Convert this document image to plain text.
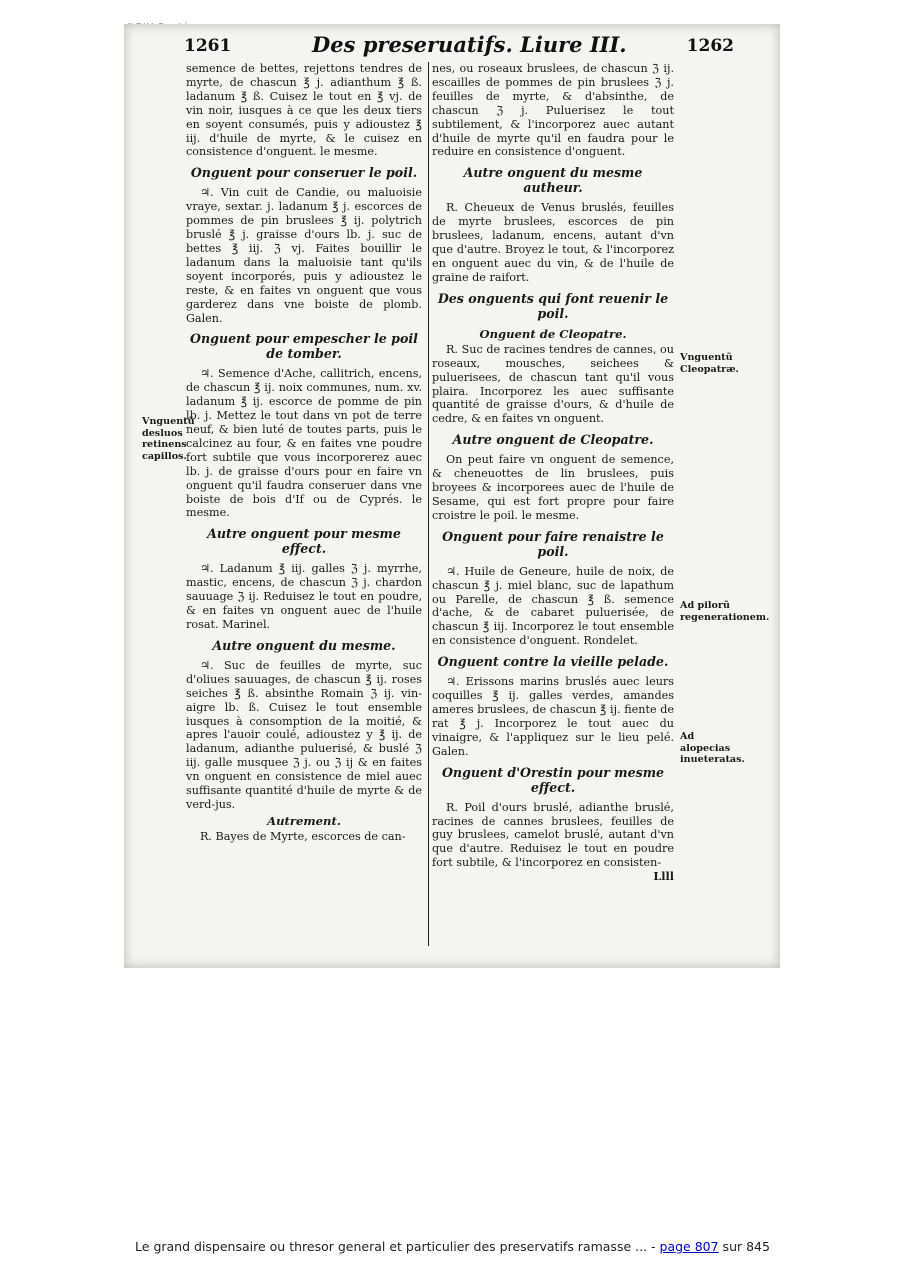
1261	Des preseruatifs. Liure III.	1262

semence de bettes, rejettons tendres de myrte, de chascun ℥ j. adianthum ℥ ß. ladanum ℥ ß. Cuisez le tout en ℥ vj. de vin noir, iusques à ce que les deux tiers en soyent consumés, puis y adioustez ℥ iij. d'huile de myrte, & le cuisez en consistence d'onguent. le mesme.

Onguent pour conseruer le poil.

♃. Vin cuit de Candie, ou maluoisie vraye, sextar. j. ladanum ℥ j. escorces de pommes de pin bruslees ℥ ij. polytrich bruslé ℥ j. graisse d'ours lb. j. suc de bettes ℥ iij. ℨ vj. Faites bouillir le ladanum dans la maluoisie tant qu'ils soyent incorporés, puis y adioustez le reste, & en faites vn onguent que vous garderez dans vne boiste de plomb. Galen.

Onguent pour empescher le poil de tomber.

♃. Semence d'Ache, callitrich, encens, de chascun ℥ ij. noix communes, num. xv. ladanum ℥ ij. escorce de pomme de pin lb. j. Mettez le tout dans vn pot de terre neuf, & bien luté de toutes parts, puis le calcinez au four, & en faites vne poudre fort subtile que vous incorporerez auec lb. j. de graisse d'ours pour en faire vn onguent qu'il faudra conseruer dans vne boiste de bois d'If ou de Cyprés. le mesme.

Autre onguent pour mesme effect.

♃. Ladanum ℥ iij. galles ℨ j. myrrhe, mastic, encens, de chascun ℨ j. chardon sauuage ℨ ij. Reduisez le tout en poudre, & en faites vn onguent auec de l'huile rosat. Marinel.

Autre onguent du mesme.

♃. Suc de feuilles de myrte, suc d'oliues sauuages, de chascun ℥ ij. roses seiches ℥ ß. absinthe Romain ℨ ij. vin-aigre lb. ß. Cuisez le tout ensemble iusques à consomption de la moitié, & apres l'auoir coulé, adioustez y ℥ ij. de ladanum, adianthe puluerisé, & buslé ℨ iij. galle musquee ℨ j. ou ℨ ij & en faites vn onguent en consistence de miel auec suffisante quantité d'huile de myrte & de verd-jus.

Autrement.

R. Bayes de Myrte, escorces de can-

nes, ou roseaux bruslees, de chascun ℨ ij. escailles de pommes de pin bruslees ℨ j. feuilles de myrte, & d'absinthe, de chascun ℨ j. Puluerisez le tout subtilement, & l'incorporez auec autant d'huile de myrte qu'il en faudra pour le reduire en consistence d'onguent.

Autre onguent du mesme autheur.

R. Cheueux de Venus bruslés, feuilles de myrte bruslees, escorces de pin bruslees, ladanum, encens, autant d'vn que d'autre. Broyez le tout, & l'incorporez en onguent auec du vin, & de l'huile de graine de raifort.

Des onguents qui font reuenir le poil.
Onguent de Cleopatre.

R. Suc de racines tendres de cannes, ou roseaux, mousches, seichees & puluerisees, de chascun tant qu'il vous plaira. Incorporez les auec suffisante quantité de graisse d'ours, & d'huile de cedre, & en faites vn onguent.

Autre onguent de Cleopatre.

On peut faire vn onguent de semence, & cheneuottes de lin bruslees, puis broyees & incorporees auec de l'huile de Sesame, qui est fort propre pour faire croistre le poil. le mesme.

Onguent pour faire renaistre le poil.

♃. Huile de Geneure, huile de noix, de chascun ℥ j. miel blanc, suc de lapathum ou Parelle, de chascun ℥ ß. semence d'ache, & de cabaret puluerisée, de chascun ℥ iij. Incorporez le tout ensemble en consistence d'onguent. Rondelet.

Onguent contre la vieille pelade.

♃. Erissons marins bruslés auec leurs coquilles ℥ ij. galles verdes, amandes ameres bruslees, de chascun ℥ ij. fiente de rat ℥ j. Incorporez le tout auec du vinaigre, & l'appliquez sur le lieu pelé. Galen.

Onguent d'Orestin pour mesme effect.

R. Poil d'ours bruslé, adianthe bruslé, racines de cannes bruslees, feuilles de guy bruslees, camelot bruslé, autant d'vn que d'autre. Reduisez le tout en poudre fort subtile, & l'incorporez en consisten-

Llll

Vnguentũ desluos retinens capillos.
Vnguentũ Cleopatræ.
Ad pilorũ regenerationem.
Ad alopecias inueteratas.
Le grand dispensaire ou thresor general et particulier des preservatifs ramasse ... - page 807 sur 845
